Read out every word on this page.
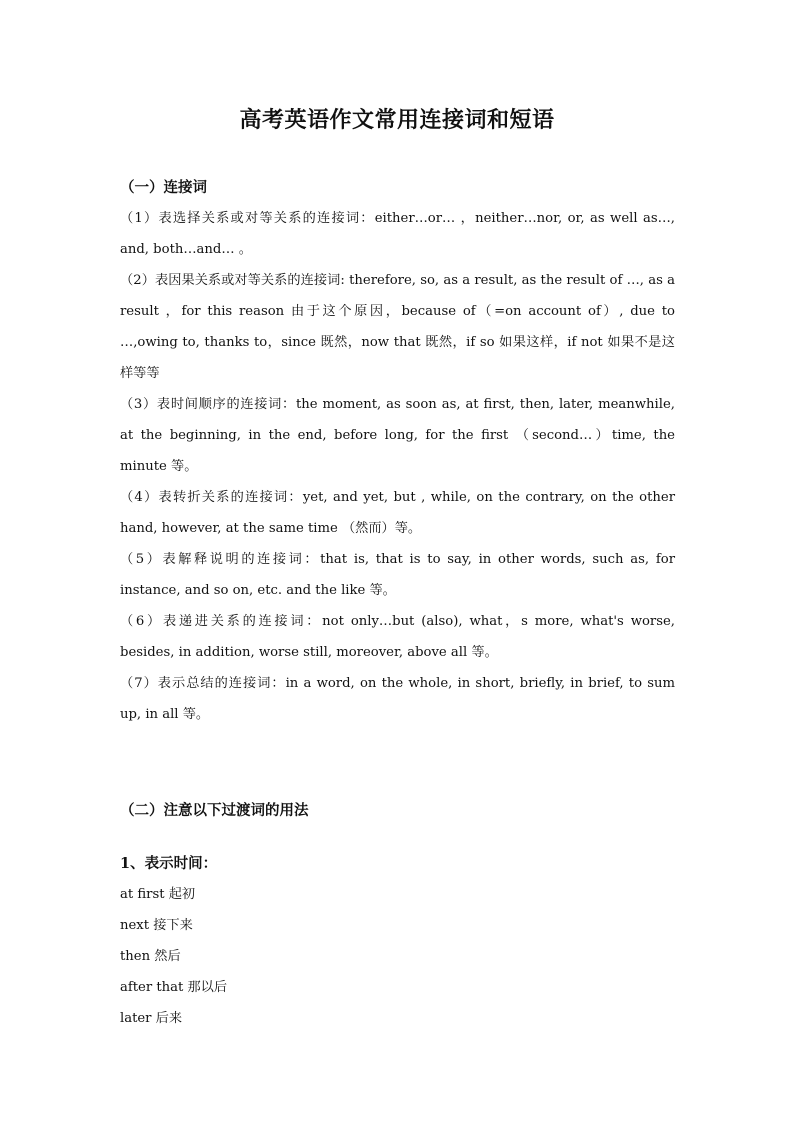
高考英语作文常用连接词和短语

（一）连接词

（1）表选择关系或对等关系的连接词：either…or… ，neither…nor, or, as well as…, and, both…and… 。

（2）表因果关系或对等关系的连接词: therefore, so, as a result, as the result of …, as a result ，for this reason 由于这个原因，because of（=on account of）, due to …,owing to, thanks to，since 既然，now that 既然，if so 如果这样，if not 如果不是这样等等

（3）表时间顺序的连接词：the moment, as soon as, at first, then, later, meanwhile, at the beginning, in the end, before long, for the first （second…）time, the minute 等。

（4）表转折关系的连接词：yet, and yet, but , while, on the contrary, on the other hand, however, at the same time （然而）等。

（5）表解释说明的连接词：that is, that is to say, in other words, such as, for instance, and so on, etc. and the like 等。

（6）表递进关系的连接词：not only…but (also), what，s more, what's worse, besides, in addition, worse still, moreover, above all 等。

（7）表示总结的连接词：in a word, on the whole, in short, briefly, in brief, to sum up, in all 等。

（二）注意以下过渡词的用法

1、表示时间：

at first 起初
next 接下来
then 然后
after that 那以后
later 后来
